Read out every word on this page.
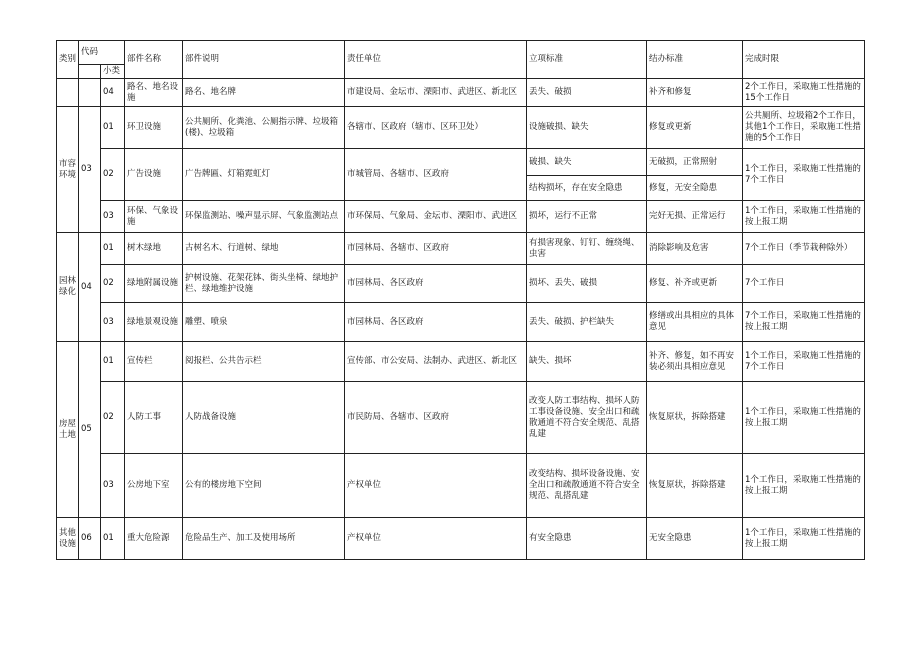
类别	代码		部件名称	部件说明	责任单位	立项标准	结办标准	完成时限
		小类						
		04	路名、地名设施	路名、地名牌	市建设局、金坛市、溧阳市、武进区、新北区	丢失、破损	补齐和修复	2个工作日，采取施工性措施的15个工作日
市容环境	03	01	环卫设施	公共厕所、化粪池、公厕指示牌、垃圾箱(楼)、垃圾箱	各辖市、区政府（辖市、区环卫处）	设施破损、缺失	修复或更新	公共厕所、垃圾箱2个工作日，其他1个工作日，采取施工性措施的5个工作日
		02	广告设施	广告牌匾、灯箱霓虹灯	市城管局、各辖市、区政府	破损、缺失	无破损，正常照射	1个工作日，采取施工性措施的7个工作日
						结构损坏，存在安全隐患	修复，无安全隐患	
		03	环保、气象设施	环保监测站、噪声显示屏、气象监测站点	市环保局、气象局、金坛市、溧阳市、武进区	损坏，运行不正常	完好无损、正常运行	1个工作日，采取施工性措施的按上报工期
园林绿化	04	01	树木绿地	古树名木、行道树、绿地	市园林局、各辖市、区政府	有损害现象、钉钉、缠绕绳、虫害	消除影响及危害	7个工作日（季节栽种除外）
		02	绿地附属设施	护树设施、花架花钵、街头坐椅、绿地护栏、绿地维护设施	市园林局、各区政府	损坏、丢失、破损	修复、补齐或更新	7个工作日
		03	绿地景观设施	雕塑、喷泉	市园林局、各区政府	丢失、破损、护栏缺失	修缮或出具相应的具体意见	7个工作日，采取施工性措施的按上报工期
房屋土地	05	01	宣传栏	阅报栏、公共告示栏	宣传部、市公安局、法制办、武进区、新北区	缺失、损坏	补齐、修复，如不再安装必须出具相应意见	1个工作日，采取施工性措施的7个工作日
		02	人防工事	人防战备设施	市民防局、各辖市、区政府	改变人防工事结构、损坏人防工事设备设施、安全出口和疏散通道不符合安全规范、乱搭乱建	恢复原状，拆除搭建	1个工作日，采取施工性措施的按上报工期
		03	公房地下室	公有的楼房地下空间	产权单位	改变结构、损坏设备设施、安全出口和疏散通道不符合安全规范、乱搭乱建	恢复原状，拆除搭建	1个工作日，采取施工性措施的按上报工期
其他设施	06	01	重大危险源	危险品生产、加工及使用场所	产权单位	有安全隐患	无安全隐患	1个工作日，采取施工性措施的按上报工期
